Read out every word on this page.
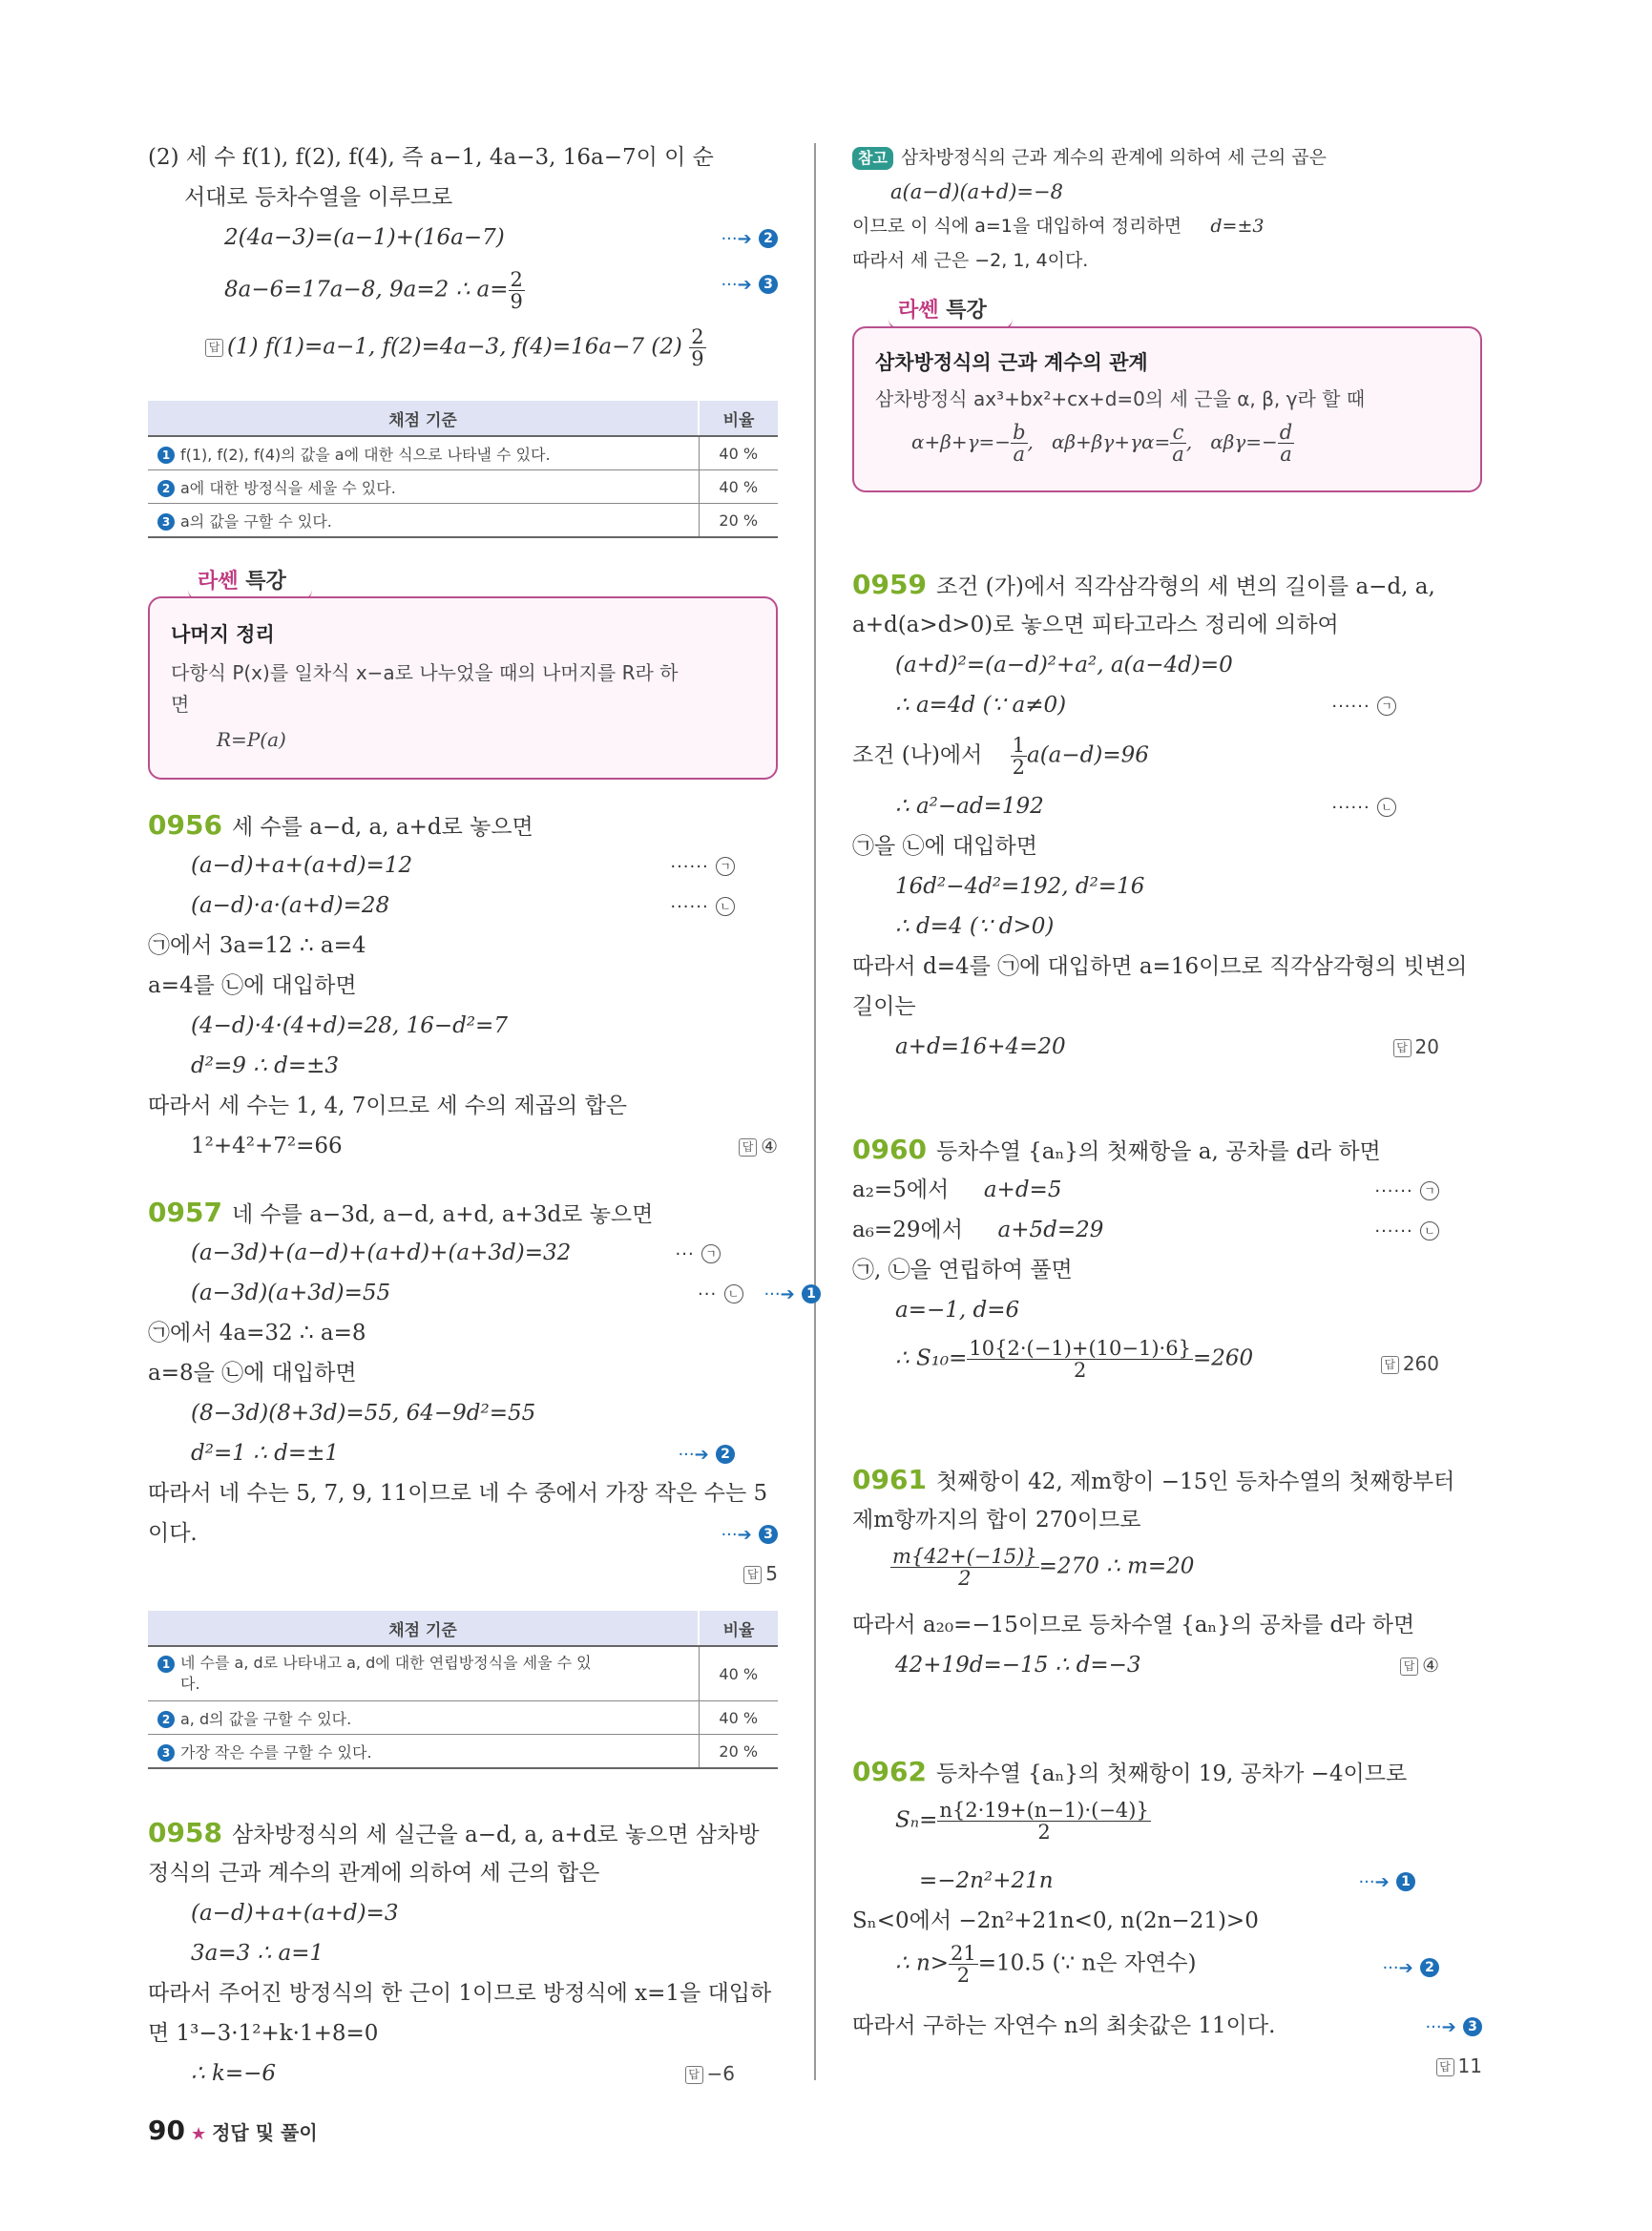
(2) 세 수 f(1), f(2), f(4), 즉 a−1, 4a−3, 16a−7이 이 순
서대로 등차수열을 이루므로
2(4a−3)=(a−1)+(16a−7)	···➔ 2
8a−6=17a−8, 9a=2 ∴ $a= \frac{2}{9}$	···➔ 3
답 (1) f(1)=a−1, f(2)=4a−3, f(4)=16a−7 $(2) \frac{2}{9}$
채점 기준	비율
1 f(1), f(2), f(4)의 값을 a에 대한 식으로 나타낼 수 있다.	40 %
2 a에 대한 방정식을 세울 수 있다.	40 %
3 a의 값을 구할 수 있다.	20 %
라쎈 특강
나머지 정리
다항식 P(x)를 일차식 x−a로 나누었을 때의 나머지를 R라 하
면
R=P(a)
0956 세 수를 a−d, a, a+d로 놓으면
(a−d)+a+(a+d)=12	······ ㄱ
(a−d)·a·(a+d)=28	······ ㄴ
㉠에서 3a=12 ∴ a=4
a=4를 ㉡에 대입하면
(4−d)·4·(4+d)=28, 16−d²=7
d²=9 ∴ d=±3
따라서 세 수는 1, 4, 7이므로 세 수의 제곱의 합은
1²+4²+7²=66	답 ④
0957 네 수를 a−3d, a−d, a+d, a+3d로 놓으면
(a−3d)+(a−d)+(a+d)+(a+3d)=32	··· ㄱ
(a−3d)(a+3d)=55	··· ㄴ ···➔ 1
㉠에서 4a=32 ∴ a=8
a=8을 ㉡에 대입하면
(8−3d)(8+3d)=55, 64−9d²=55
d²=1 ∴ d=±1	···➔ 2
따라서 네 수는 5, 7, 9, 11이므로 네 수 중에서 가장 작은 수는 5
이다.	···➔ 3
답 5
채점 기준	비율
1 네 수를 a, d로 나타내고 a, d에 대한 연립방정식을 세울 수 있
다.	40 %
2 a, d의 값을 구할 수 있다.	40 %
3 가장 작은 수를 구할 수 있다.	20 %
0958 삼차방정식의 세 실근을 a−d, a, a+d로 놓으면 삼차방
정식의 근과 계수의 관계에 의하여 세 근의 합은
(a−d)+a+(a+d)=3
3a=3 ∴ a=1
따라서 주어진 방정식의 한 근이 1이므로 방정식에 x=1을 대입하
면 1³−3·1²+k·1+8=0
∴ k=−6	답 −6
참고 삼차방정식의 근과 계수의 관계에 의하여 세 근의 곱은
a(a−d)(a+d)=−8
이므로 이 식에 a=1을 대입하여 정리하면 d=±3
따라서 세 근은 −2, 1, 4이다.
라쎈 특강
삼차방정식의 근과 계수의 관계
삼차방정식 ax³+bx²+cx+d=0의 세 근을 α, β, γ라 할 때
$\alpha+\beta+\gamma=- \frac{b}{a}$ ,   $\alpha\beta+\beta\gamma+\gamma\alpha= \frac{c}{a}$ ,   $\alpha\beta\gamma=- \frac{d}{a}$
0959 조건 (가)에서 직각삼각형의 세 변의 길이를 a−d, a,
a+d(a>d>0)로 놓으면 피타고라스 정리에 의하여
(a+d)²=(a−d)²+a², a(a−4d)=0
∴ a=4d (∵ a≠0)	······ ㄱ
조건 (나)에서 $\frac{1}{2} a(a-d)=96$
∴ a²−ad=192	······ ㄴ
㉠을 ㉡에 대입하면
16d²−4d²=192, d²=16
∴ d=4 (∵ d>0)
따라서 d=4를 ㉠에 대입하면 a=16이므로 직각삼각형의 빗변의
길이는
a+d=16+4=20	답 20
0960 등차수열 {aₙ}의 첫째항을 a, 공차를 d라 하면
a₂=5에서 a+d=5	······ ㄱ
a₆=29에서 a+5d=29	······ ㄴ
㉠, ㉡을 연립하여 풀면
a=−1, d=6
∴ $S_{10}= \frac{10\{2\cdot(-1)+(10-1)\cdot 6\}}{2} =260$	답 260
0961 첫째항이 42, 제m항이 −15인 등차수열의 첫째항부터
제m항까지의 합이 270이므로
$\frac{m\{42+(-15)\}}{2} =270$ ∴ m=20
따라서 a₂₀=−15이므로 등차수열 {aₙ}의 공차를 d라 하면
42+19d=−15 ∴ d=−3	답 ④
0962 등차수열 {aₙ}의 첫째항이 19, 공차가 −4이므로
$S_n= \frac{n\{2\cdot 19+(n-1)\cdot(-4)\}}{2}$
=−2n²+21n	···➔ 1
Sₙ<0에서 −2n²+21n<0, n(2n−21)>0
∴ $n> \frac{21}{2} =10.5$ (∵ n은 자연수)	···➔ 2
따라서 구하는 자연수 n의 최솟값은 11이다.	···➔ 3
답 11
90 ★ 정답 및 풀이
